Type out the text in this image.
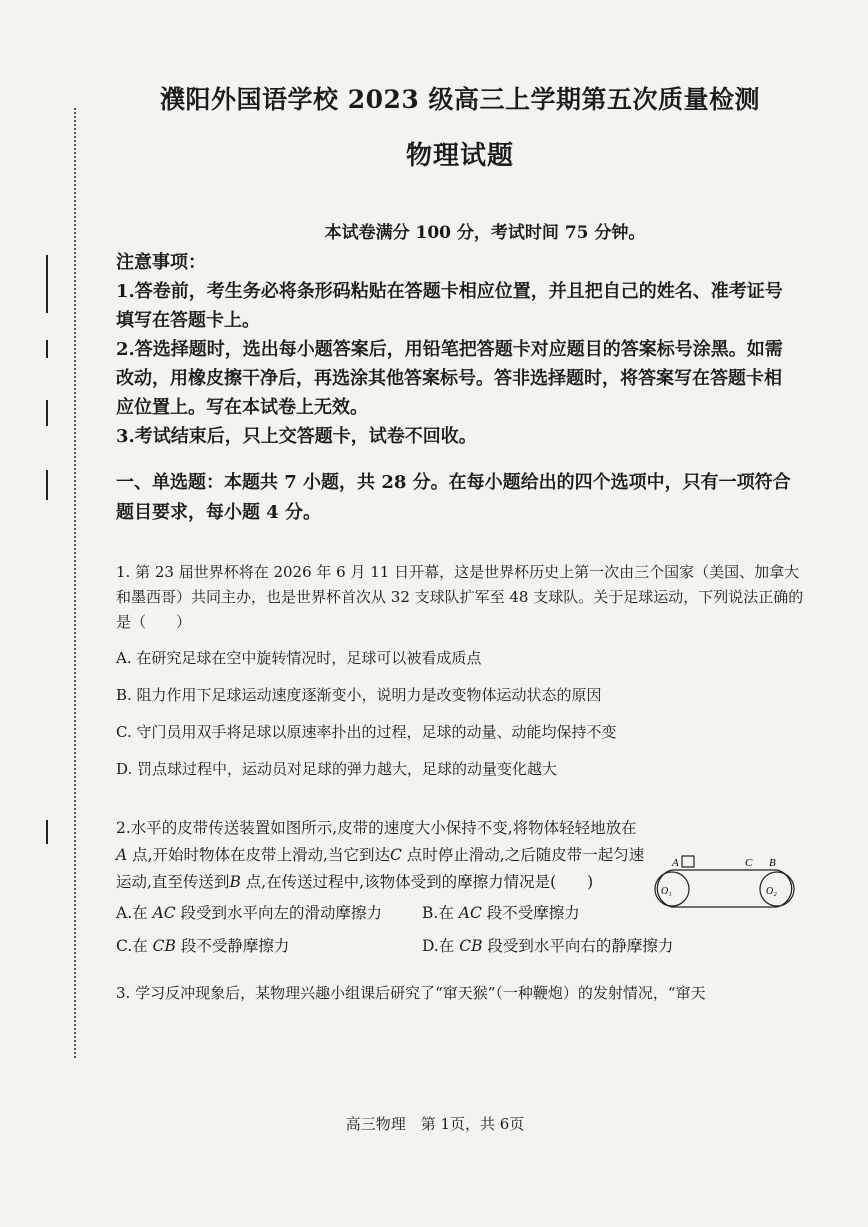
濮阳外国语学校 2023 级高三上学期第五次质量检测
物理试题
本试卷满分 100 分，考试时间 75 分钟。

注意事项：

1.答卷前，考生务必将条形码粘贴在答题卡相应位置，并且把自己的姓名、准考证号填写在答题卡上。

2.答选择题时，选出每小题答案后，用铅笔把答题卡对应题目的答案标号涂黑。如需改动，用橡皮擦干净后，再选涂其他答案标号。答非选择题时，将答案写在答题卡相应位置上。写在本试卷上无效。

3.考试结束后，只上交答题卡，试卷不回收。

一、单选题：本题共 7 小题，共 28 分。在每小题给出的四个选项中，只有一项符合题目要求，每小题 4 分。

1. 第 23 届世界杯将在 2026 年 6 月 11 日开幕，这是世界杯历史上第一次由三个国家（美国、加拿大和墨西哥）共同主办，也是世界杯首次从 32 支球队扩军至 48 支球队。关于足球运动，下列说法正确的是（　　）

A. 在研究足球在空中旋转情况时，足球可以被看成质点

B. 阻力作用下足球运动速度逐渐变小，说明力是改变物体运动状态的原因

C. 守门员用双手将足球以原速率扑出的过程，足球的动量、动能均保持不变

D. 罚点球过程中，运动员对足球的弹力越大，足球的动量变化越大

2.水平的皮带传送装置如图所示,皮带的速度大小保持不变,将物体轻轻地放在A 点,开始时物体在皮带上滑动,当它到达C 点时停止滑动,之后随皮带一起匀速运动,直至传送到B 点,在传送过程中,该物体受到的摩擦力情况是(　　)

A.在 AC 段受到水平向左的滑动摩擦力	B.在 AC 段不受摩擦力
C.在 CB 段不受静摩擦力	D.在 CB 段受到水平向右的静摩擦力
A	C B
O₁	O₂
3. 学习反冲现象后，某物理兴趣小组课后研究了“窜天猴”（一种鞭炮）的发射情况，“窜天
高三物理　第 1页，共 6页
